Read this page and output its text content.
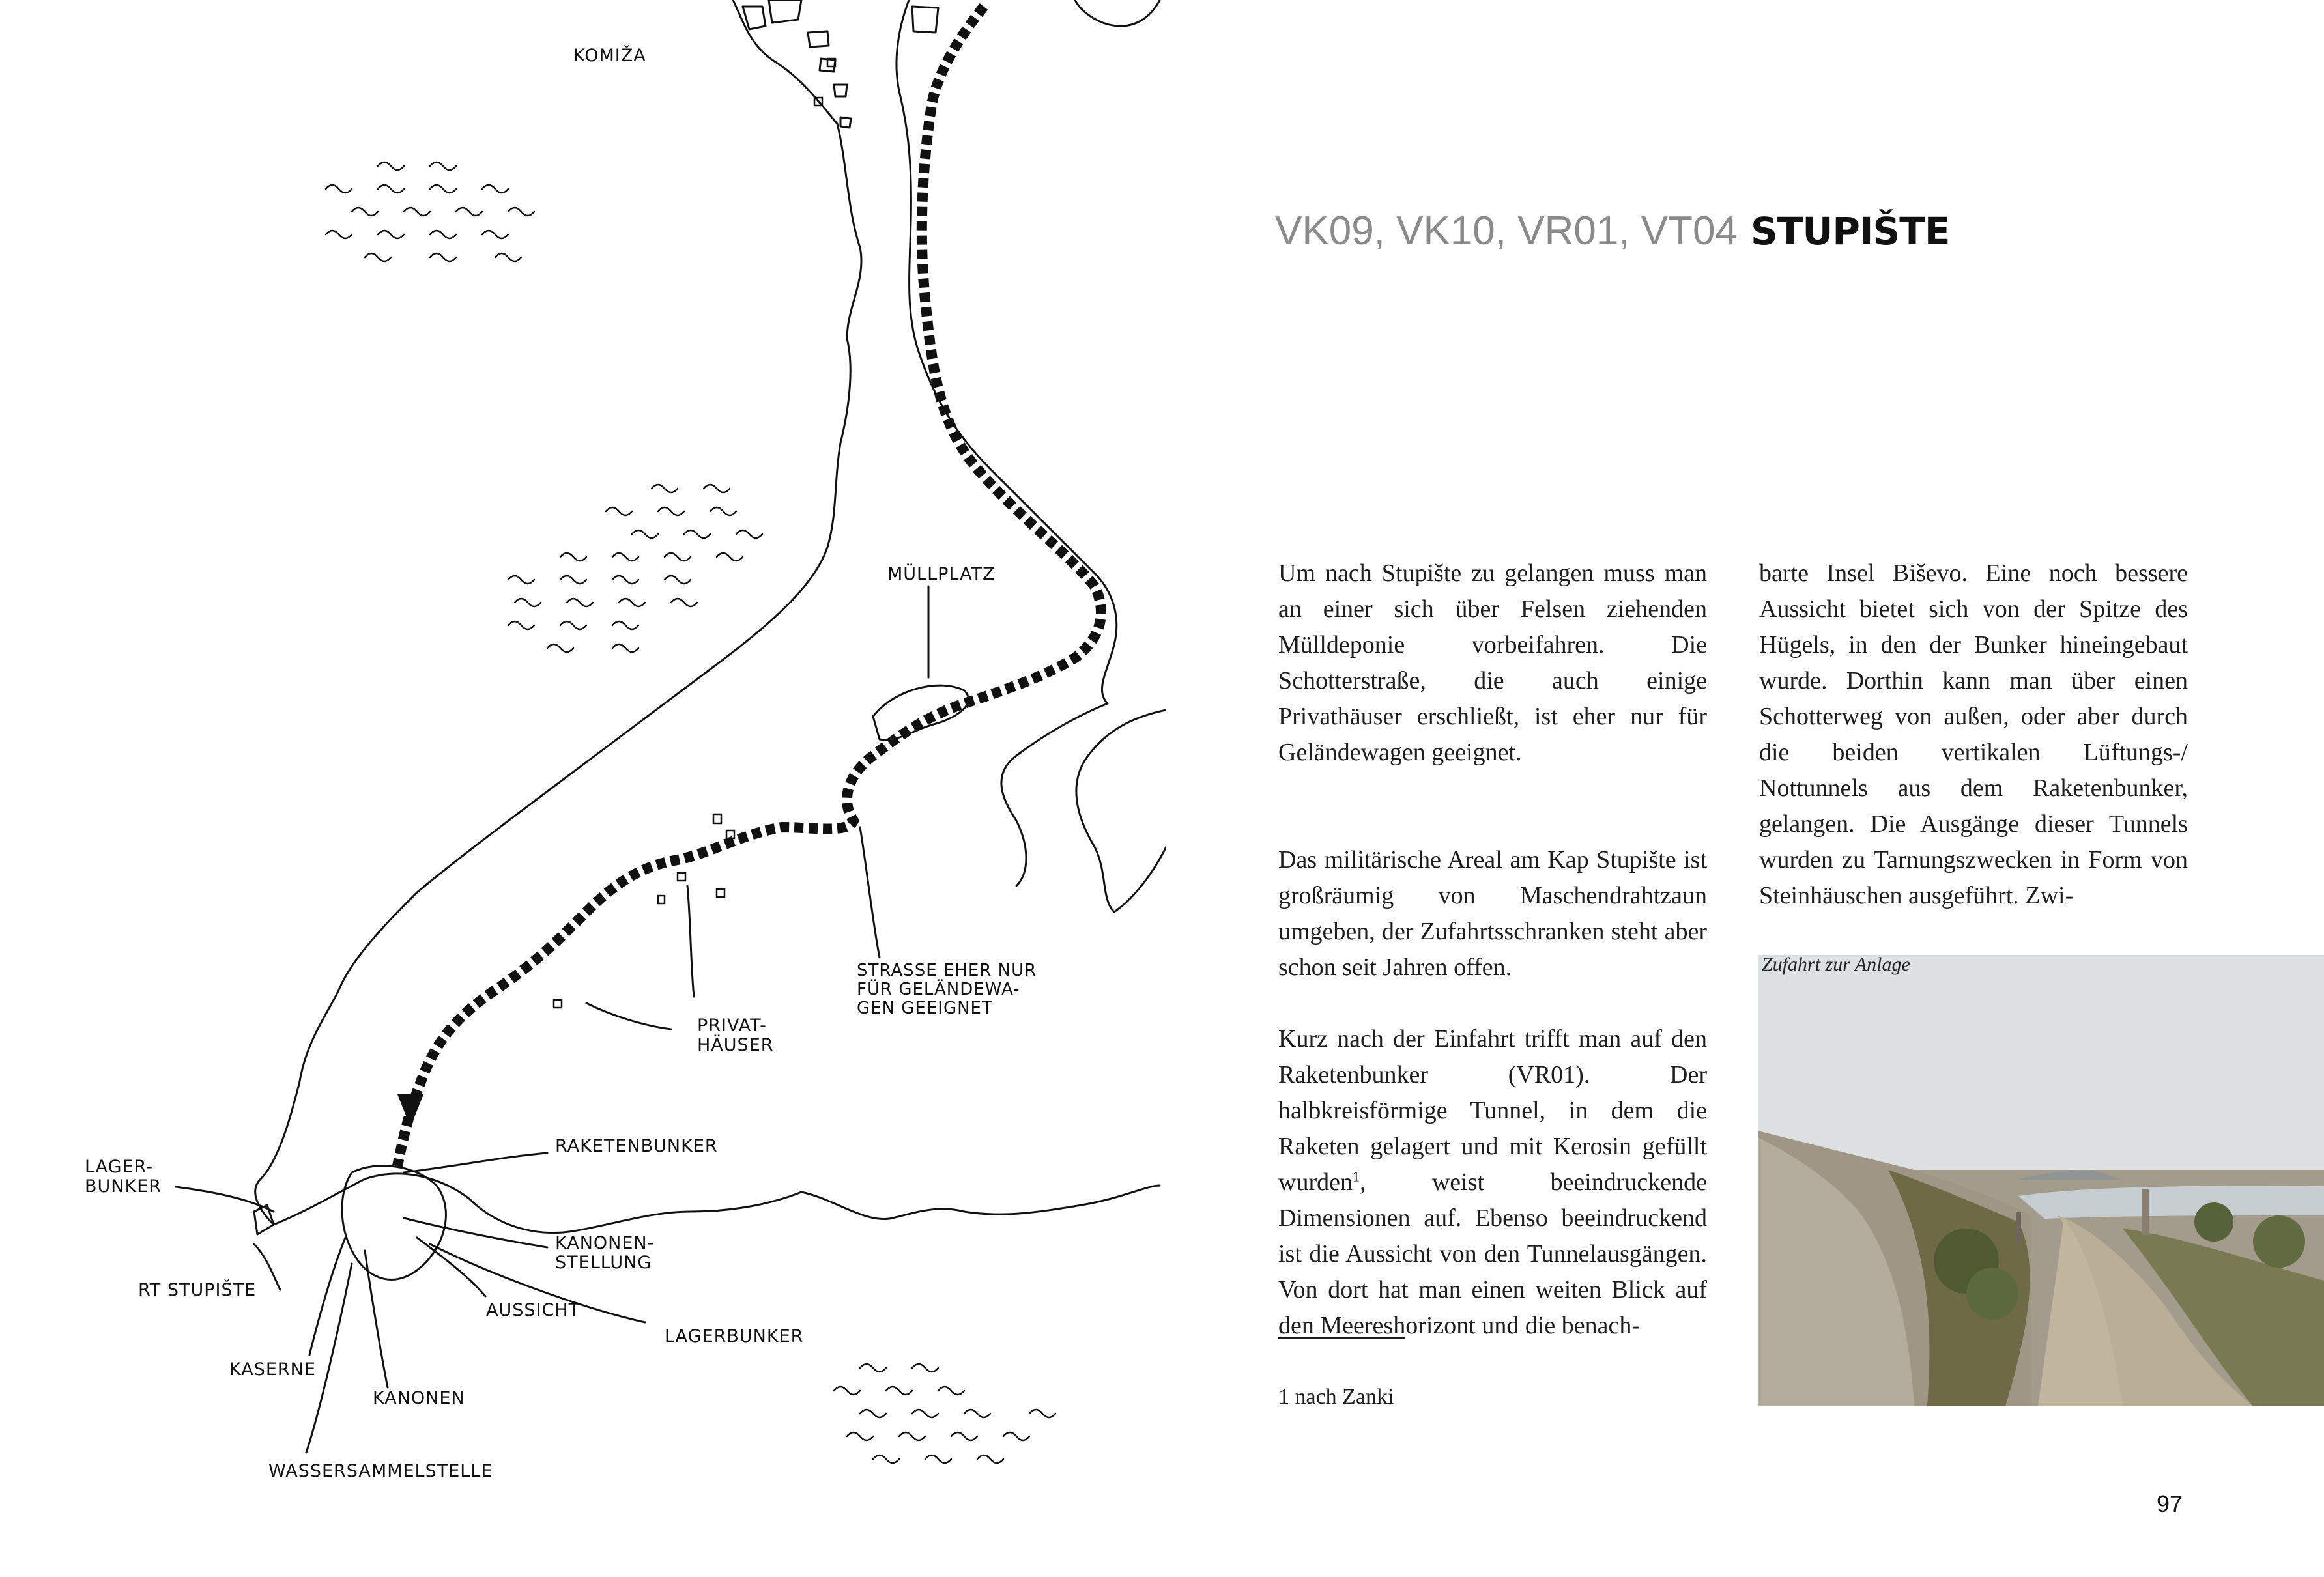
KOMIŽA
MÜLLPLATZ
STRASSE EHER NUR
FÜR GELÄNDEWA-
GEN GEEIGNET
PRIVAT-
HÄUSER
LAGER-
BUNKER
RAKETENBUNKER
KANONEN-
STELLUNG
RT STUPIŠTE
AUSSICHT
LAGERBUNKER
KASERNE
KANONEN
WASSERSAMMELSTELLE
VK09, VK10, VR01, VT04 STUPIŠTE

Um nach Stupište zu gelangen muss man an einer sich über Felsen ziehenden Mülldeponie vorbeifahren. Die Schotterstraße, die auch einige Privathäuser erschließt, ist eher nur für Geländewagen geeignet.

Das militärische Areal am Kap Stupište ist großräumig von Maschendrahtzaun umgeben, der Zufahrtsschranken steht aber schon seit Jahren offen.

Kurz nach der Einfahrt trifft man auf den Raketenbunker (VR01). Der halbkreisförmige Tunnel, in dem die Raketen gelagert und mit Kerosin gefüllt wurden$^1$, weist beeindruckende Dimensionen auf. Ebenso beeindruckend ist die Aussicht von den Tunnelausgängen. Von dort hat man einen weiten Blick auf den Meereshorizont und die benach-

1 nach Zanki

barte Insel Biševo. Eine noch bessere Aussicht bietet sich von der Spitze des Hügels, in den der Bunker hineingebaut wurde. Dorthin kann man über einen Schotterweg von außen, oder aber durch die beiden vertikalen Lüftungs-/ Nottunnels aus dem Raketenbunker, gelangen. Die Ausgänge dieser Tunnels wurden zu Tarnungszwecken in Form von Steinhäuschen ausgeführt. Zwi-

Zufahrt zur Anlage
97
